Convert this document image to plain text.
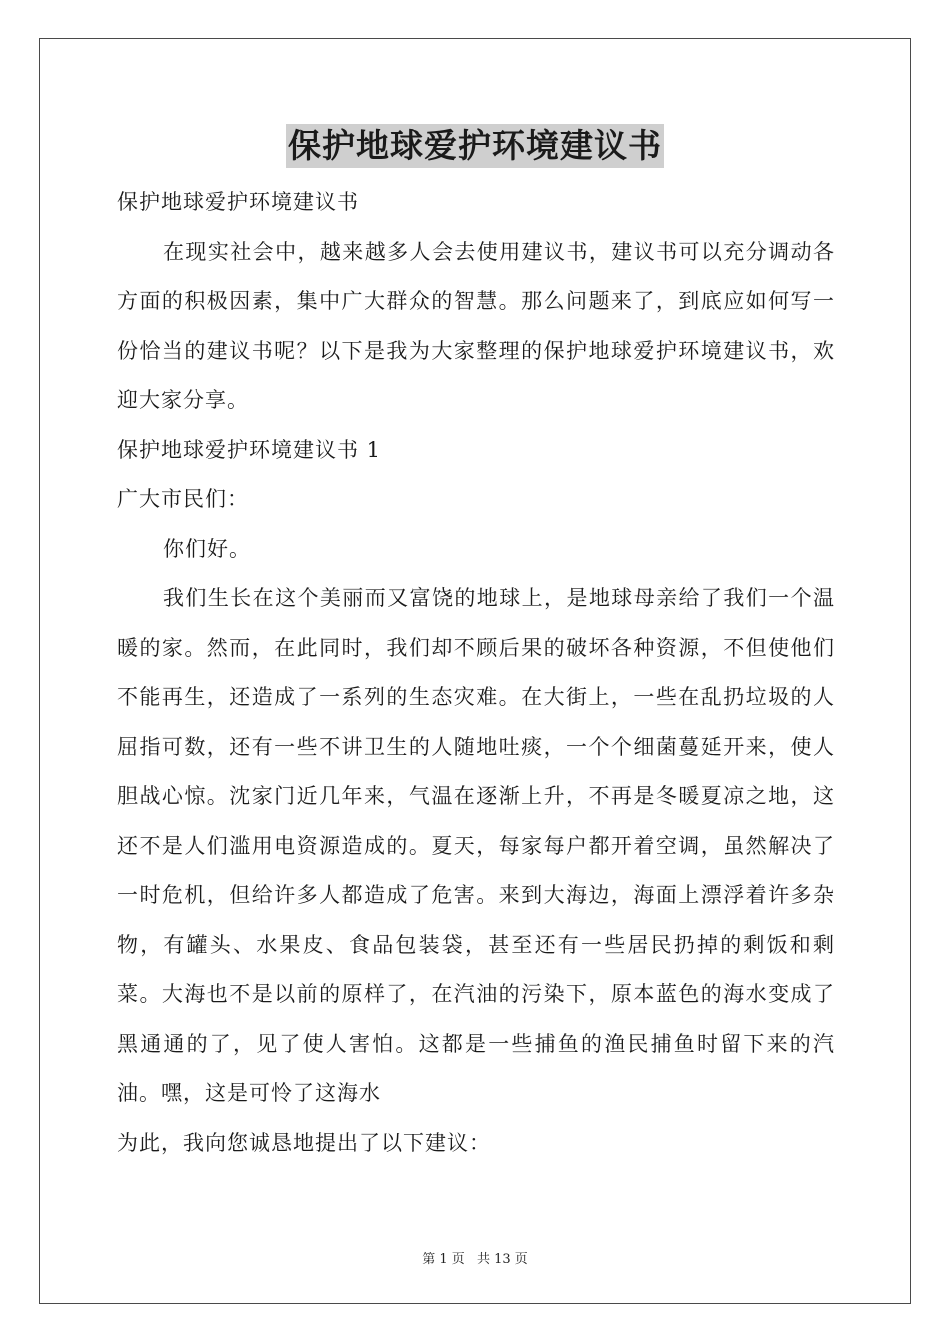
保护地球爱护环境建议书

保护地球爱护环境建议书

在现实社会中，越来越多人会去使用建议书，建议书可以充分调动各方面的积极因素，集中广大群众的智慧。那么问题来了，到底应如何写一份恰当的建议书呢？以下是我为大家整理的保护地球爱护环境建议书，欢迎大家分享。

保护地球爱护环境建议书 1

广大市民们：

你们好。

我们生长在这个美丽而又富饶的地球上，是地球母亲给了我们一个温暖的家。然而，在此同时，我们却不顾后果的破坏各种资源，不但使他们不能再生，还造成了一系列的生态灾难。在大街上，一些在乱扔垃圾的人屈指可数，还有一些不讲卫生的人随地吐痰，一个个细菌蔓延开来，使人胆战心惊。沈家门近几年来，气温在逐渐上升，不再是冬暖夏凉之地，这还不是人们滥用电资源造成的。夏天，每家每户都开着空调，虽然解决了一时危机，但给许多人都造成了危害。来到大海边，海面上漂浮着许多杂物，有罐头、水果皮、食品包装袋，甚至还有一些居民扔掉的剩饭和剩菜。大海也不是以前的原样了，在汽油的污染下，原本蓝色的海水变成了黑通通的了，见了使人害怕。这都是一些捕鱼的渔民捕鱼时留下来的汽油。嘿，这是可怜了这海水

为此，我向您诚恳地提出了以下建议：

第 1 页 共 13 页
